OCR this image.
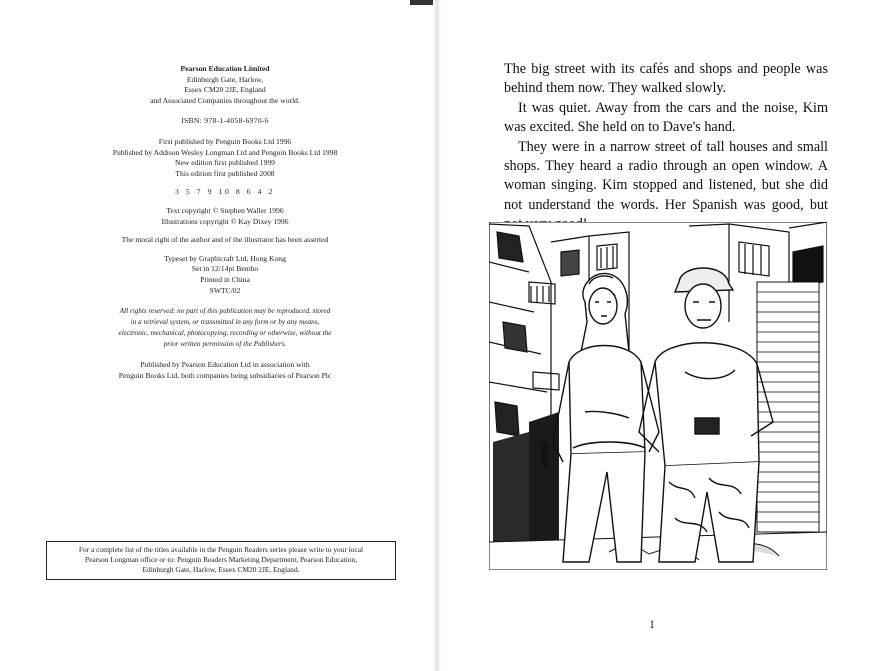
Pearson Education Limited

Edinburgh Gate, Harlow,

Essex CM20 2JE, England

and Associated Companies throughout the world.

ISBN: 978-1-4058-6970-6

First published by Penguin Books Ltd 1996

Published by Addison Wesley Longman Ltd and Penguin Books Ltd 1998

New edition first published 1999

This edition first published 2008

3 5 7 9 10 8 6 4 2

Text copyright © Stephen Waller 1996

Illustrations copyright © Kay Dixey 1996

The moral right of the author and of the illustrator has been asserted

Typeset by Graphicraft Ltd, Hong Kong

Set in 12/14pt Bembo

Printed in China

SWTC/02

All rights reserved; no part of this publication may be reproduced, stored

in a retrieval system, or transmitted in any form or by any means,

electronic, mechanical, photocopying, recording or otherwise, without the

prior written permission of the Publishers.

Published by Pearson Education Ltd in association with

Penguin Books Ltd, both companies being subsidiaries of Pearson Plc

For a complete list of the titles available in the Penguin Readers series please write to your local

Pearson Longman office or to: Penguin Readers Marketing Department, Pearson Education,

Edinburgh Gate, Harlow, Essex CM20 2JE, England.

The big street with its cafés and shops and people was behind them now. They walked slowly.

It was quiet. Away from the cars and the noise, Kim was excited. She held on to Dave's hand.

They were in a narrow street of tall houses and small shops. They heard a radio through an open window. A woman singing. Kim stopped and listened, but she did not understand the words. Her Spanish was good, but

1
